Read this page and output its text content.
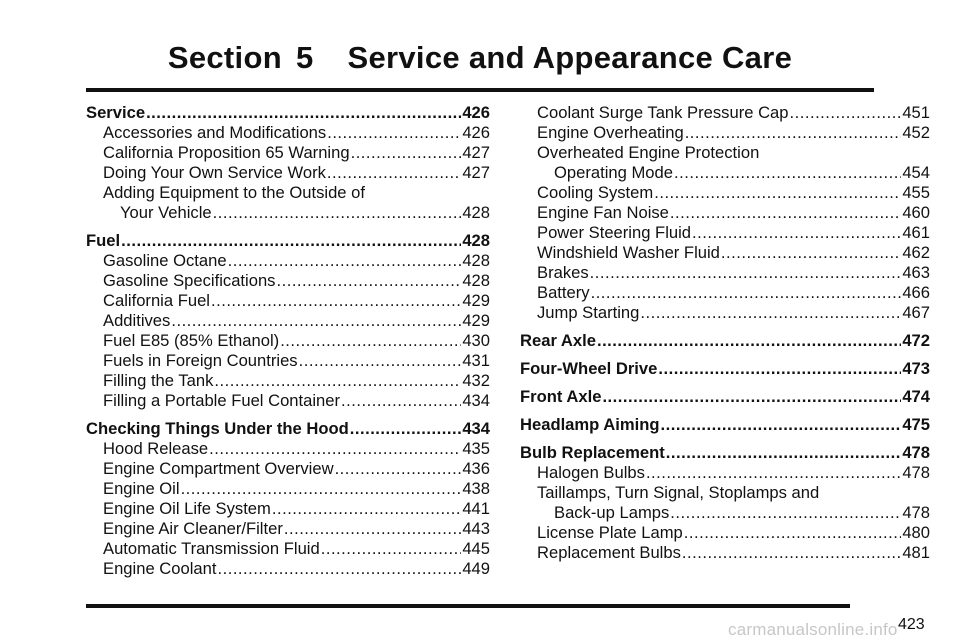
Section 5 Service and Appearance Care
Service .....	426
Accessories and Modifications .....	426
California Proposition 65 Warning .....	427
Doing Your Own Service Work .....	427
Adding Equipment to the Outside of
Your Vehicle .....	428
Fuel .....	428
Gasoline Octane .....	428
Gasoline Specifications .....	428
California Fuel .....	429
Additives .....	429
Fuel E85 (85% Ethanol) .....	430
Fuels in Foreign Countries .....	431
Filling the Tank .....	432
Filling a Portable Fuel Container .....	434
Checking Things Under the Hood .....	434
Hood Release .....	435
Engine Compartment Overview .....	436
Engine Oil .....	438
Engine Oil Life System .....	441
Engine Air Cleaner/Filter .....	443
Automatic Transmission Fluid .....	445
Engine Coolant .....	449
Coolant Surge Tank Pressure Cap .....	451
Engine Overheating .....	452
Overheated Engine Protection
Operating Mode .....	454
Cooling System .....	455
Engine Fan Noise .....	460
Power Steering Fluid .....	461
Windshield Washer Fluid .....	462
Brakes .....	463
Battery .....	466
Jump Starting .....	467
Rear Axle .....	472
Four-Wheel Drive .....	473
Front Axle .....	474
Headlamp Aiming .....	475
Bulb Replacement .....	478
Halogen Bulbs .....	478
Taillamps, Turn Signal, Stoplamps and
Back-up Lamps .....	478
License Plate Lamp .....	480
Replacement Bulbs .....	481
carmanualsonline.info 423
